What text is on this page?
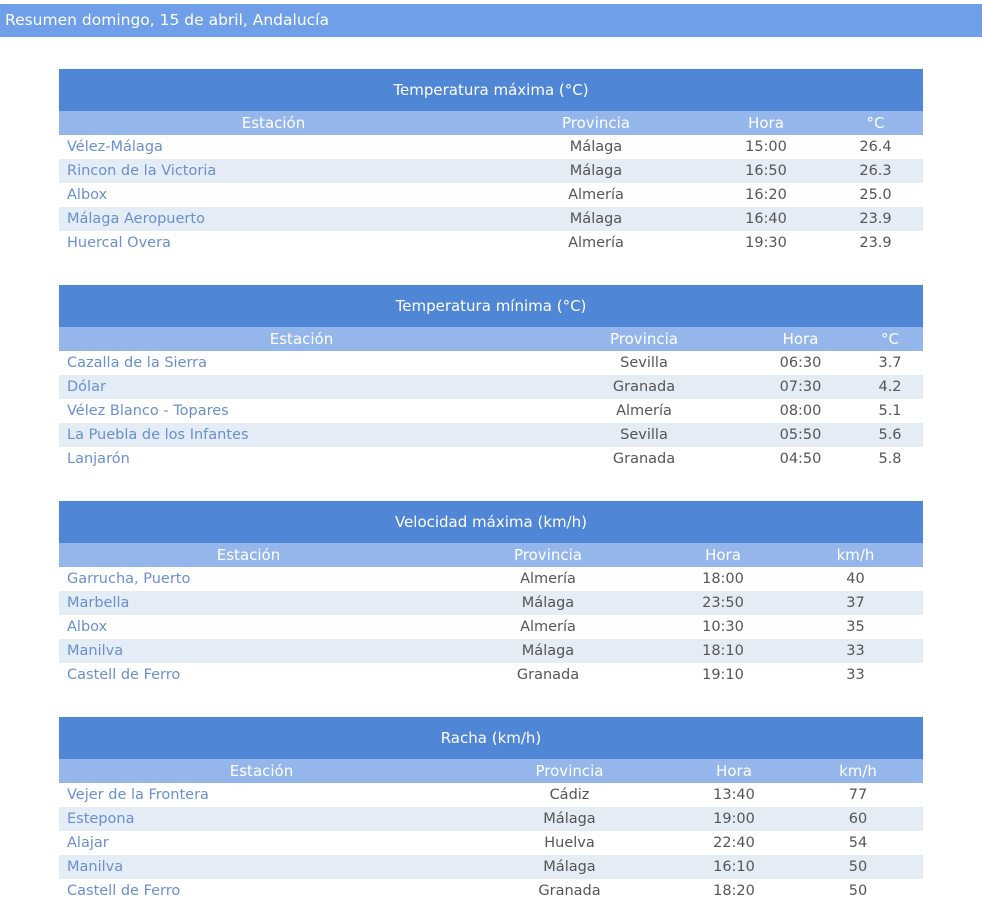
Resumen domingo, 15 de abril, Andalucía
Temperatura máxima (°C)
Estación	Provincia	Hora	°C
Vélez-Málaga	Málaga	15:00	26.4
Rincon de la Victoria	Málaga	16:50	26.3
Albox	Almería	16:20	25.0
Málaga Aeropuerto	Málaga	16:40	23.9
Huercal Overa	Almería	19:30	23.9
Temperatura mínima (°C)
Estación	Provincia	Hora	°C
Cazalla de la Sierra	Sevilla	06:30	3.7
Dólar	Granada	07:30	4.2
Vélez Blanco - Topares	Almería	08:00	5.1
La Puebla de los Infantes	Sevilla	05:50	5.6
Lanjarón	Granada	04:50	5.8
Velocidad máxima (km/h)
Estación	Provincia	Hora	km/h
Garrucha, Puerto	Almería	18:00	40
Marbella	Málaga	23:50	37
Albox	Almería	10:30	35
Manilva	Málaga	18:10	33
Castell de Ferro	Granada	19:10	33
Racha (km/h)
Estación	Provincia	Hora	km/h
Vejer de la Frontera	Cádiz	13:40	77
Estepona	Málaga	19:00	60
Alajar	Huelva	22:40	54
Manilva	Málaga	16:10	50
Castell de Ferro	Granada	18:20	50
